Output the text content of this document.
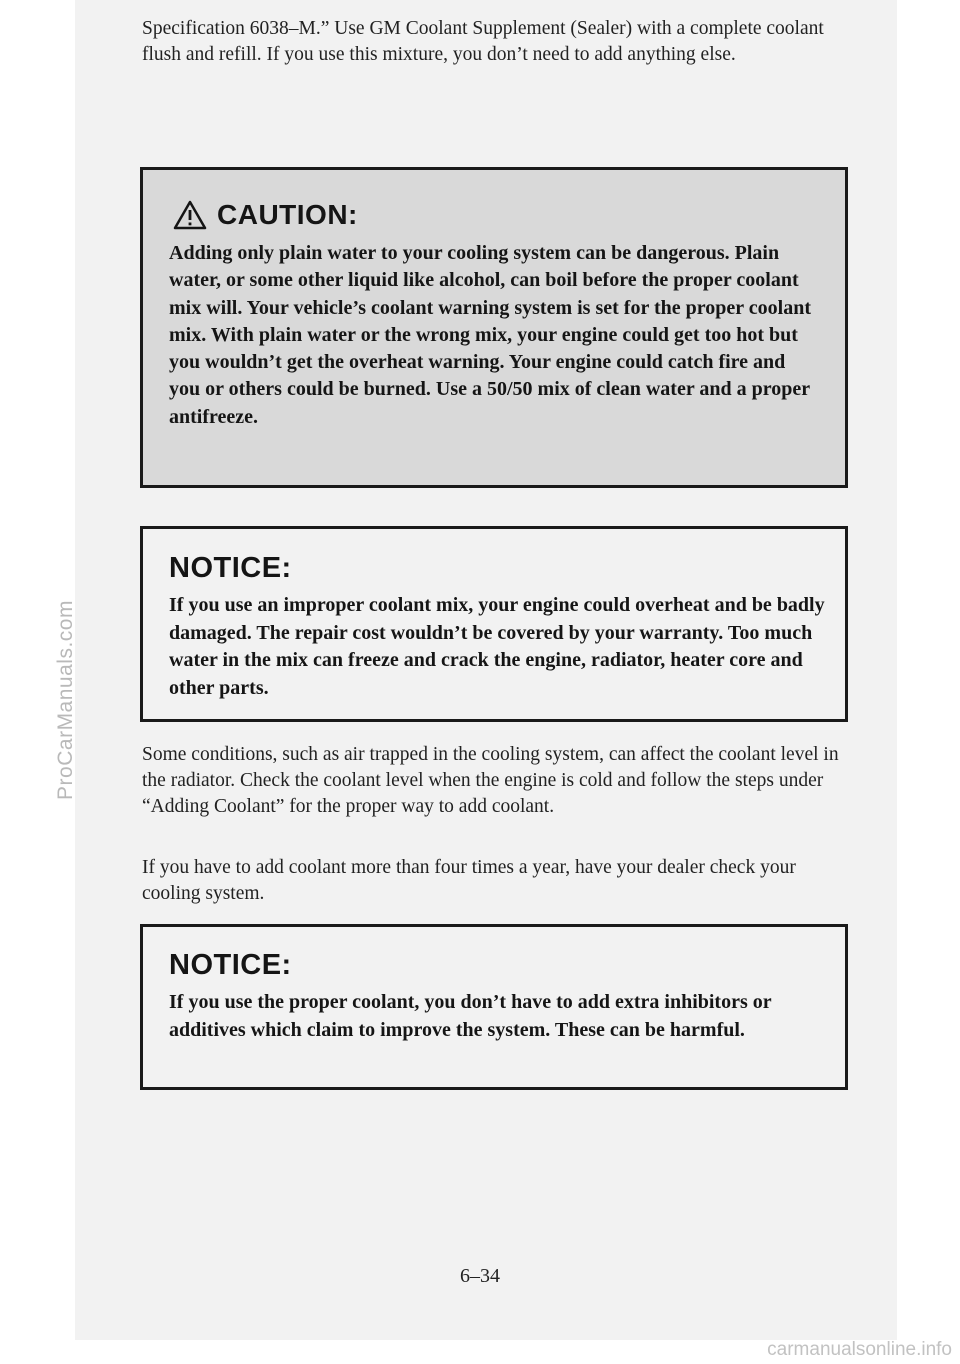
ProCarManuals.com

Specification 6038–M.” Use GM Coolant Supplement (Sealer) with a complete coolant flush and refill. If you use this mixture, you don’t need to add anything else.

CAUTION:

Adding only plain water to your cooling system can be dangerous. Plain water, or some other liquid like alcohol, can boil before the proper coolant mix will. Your vehicle’s coolant warning system is set for the proper coolant mix. With plain water or the wrong mix, your engine could get too hot but you wouldn’t get the overheat warning. Your engine could catch fire and you or others could be burned. Use a 50/50 mix of clean water and a proper antifreeze.

NOTICE:

If you use an improper coolant mix, your engine could overheat and be badly damaged. The repair cost wouldn’t be covered by your warranty. Too much water in the mix can freeze and crack the engine, radiator, heater core and other parts.

Some conditions, such as air trapped in the cooling system, can affect the coolant level in the radiator. Check the coolant level when the engine is cold and follow the steps under “Adding Coolant” for the proper way to add coolant.

If you have to add coolant more than four times a year, have your dealer check your cooling system.

NOTICE:

If you use the proper coolant, you don’t have to add extra inhibitors or additives which claim to improve the system. These can be harmful.

6–34
carmanualsonline.info
